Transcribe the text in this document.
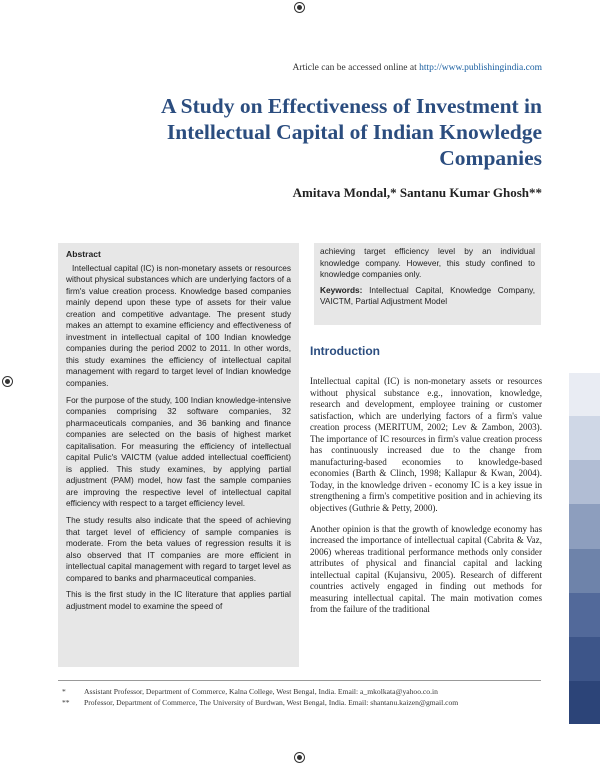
Article can be accessed online at http://www.publishingindia.com
A Study on Effectiveness of Investment in Intellectual Capital of Indian Knowledge Companies

Amitava Mondal,* Santanu Kumar Ghosh**

Abstract

Intellectual capital (IC) is non-monetary assets or resources without physical substances which are underlying factors of a firm's value creation process. Knowledge based companies mainly depend upon these type of assets for their value creation and competitive advantage. The present study makes an attempt to examine efficiency and effectiveness of investment in intellectual capital of 100 Indian knowledge companies during the period 2002 to 2011. In other words, this study examines the efficiency of intellectual capital management with regard to target level of Indian knowledge companies.

For the purpose of the study, 100 Indian knowledge-intensive companies comprising 32 software companies, 32 pharmaceuticals companies, and 36 banking and finance companies are selected on the basis of highest market capitalisation. For measuring the efficiency of intellectual capital Pulic's VAICTM (value added intellectual coefficient) is applied. This study examines, by applying partial adjustment (PAM) model, how fast the sample companies are improving the respective level of intellectual capital efficiency with respect to a target efficiency level.

The study results also indicate that the speed of achieving that target level of efficiency of sample companies is moderate. From the beta values of regression results it is also observed that IT companies are more efficient in intellectual capital management with regard to target level as compared to banks and pharmaceutical companies.

This is the first study in the IC literature that applies partial adjustment model to examine the speed of

achieving target efficiency level by an individual knowledge company. However, this study confined to knowledge companies only.

Keywords: Intellectual Capital, Knowledge Company, VAICTM, Partial Adjustment Model

Introduction

Intellectual capital (IC) is non-monetary assets or resources without physical substance e.g., innovation, knowledge, research and development, employee training or customer satisfaction, which are underlying factors of a firm's value creation process (MERITUM, 2002; Lev & Zambon, 2003). The importance of IC resources in firm's value creation process has continuously increased due to the change from manufacturing-based economies to knowledge-based economies (Barth & Clinch, 1998; Kallapur & Kwan, 2004). Today, in the knowledge driven - economy IC is a key issue in strengthening a firm's competitive position and in achieving its objectives (Guthrie & Petty, 2000).

Another opinion is that the growth of knowledge economy has increased the importance of intellectual capital (Cabrita & Vaz, 2006) whereas traditional performance methods only consider attributes of physical and financial capital and lacking intellectual capital (Kujansivu, 2005). Research of different countries actively engaged in finding out methods for measuring intellectual capital. The main motivation comes from the failure of the traditional

*	Assistant Professor, Department of Commerce, Kalna College, West Bengal, India. Email: a_mkolkata@yahoo.co.in
**	Professor, Department of Commerce, The University of Burdwan, West Bengal, India. Email: shantanu.kaizen@gmail.com
